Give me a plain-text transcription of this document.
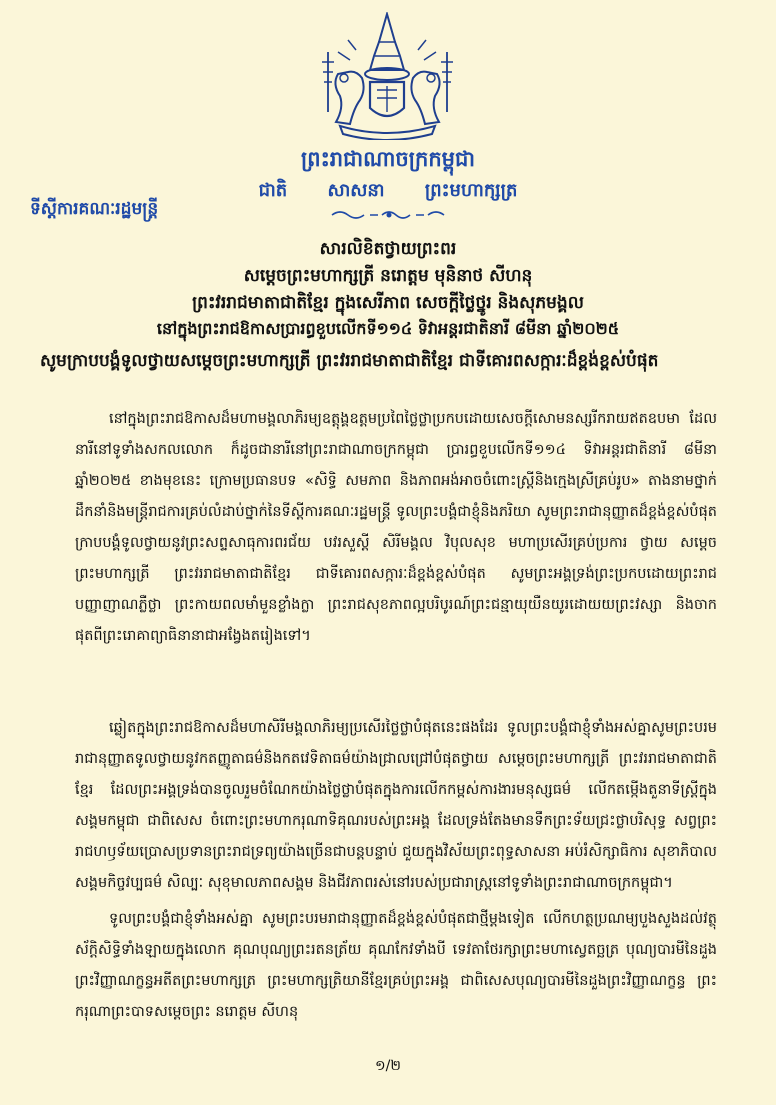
ព្រះរាជាណាចក្រកម្ពុជា
ជាតិ សាសនា ព្រះមហាក្សត្រ
ទីស្តីការគណៈរដ្ឋមន្ត្រី
សារលិខិតថ្វាយព្រះពរ
សម្តេចព្រះមហាក្សត្រី នរោត្តម មុនិនាថ សីហនុ
ព្រះវររាជមាតាជាតិខ្មែរ ក្នុងសេរីភាព សេចក្តីថ្លៃថ្នូរ និងសុភមង្គល
នៅក្នុងព្រះរាជឱកាសប្រារព្ធខួបលើកទី១១៤ ទិវាអន្តរជាតិនារី ៨មីនា ឆ្នាំ២០២៥
សូមក្រាបបង្គំទូលថ្វាយសម្តេចព្រះមហាក្សត្រី ព្រះវររាជមាតាជាតិខ្មែរ ជាទីគោរពសក្ការៈដ៏ខ្ពង់ខ្ពស់បំផុត

នៅក្នុងព្រះរាជឱកាសដ៏មហាមង្គលាភិរម្យឧត្តុង្គឧត្តមប្រពៃថ្លៃថ្លាប្រកបដោយសេចក្តីសោមនស្សរីករាយឥតឧបមា ដែលនារីនៅទូទាំងសកលលោក ក៏ដូចជានារីនៅព្រះរាជាណាចក្រកម្ពុជា ប្រារព្ធខួបលើកទី១១៤ ទិវាអន្តរជាតិនារី ៨មីនា ឆ្នាំ២០២៥ ខាងមុខនេះ ក្រោមប្រធានបទ «សិទ្ធិ សមភាព និងភាពអង់អាចចំពោះស្ត្រីនិងក្មេងស្រីគ្រប់រូប» តាងនាមថ្នាក់ដឹកនាំនិងមន្ត្រីរាជការគ្រប់លំដាប់ថ្នាក់នៃទីស្តីការគណៈរដ្ឋមន្ត្រី ទូលព្រះបង្គំជាខ្ញុំនិងភរិយា សូមព្រះរាជានុញ្ញាតដ៏ខ្ពង់ខ្ពស់បំផុតក្រាបបង្គំទូលថ្វាយនូវព្រះសព្ទសាធុការពរជ័យ បវរសួស្តី សិរីមង្គល វិបុលសុខ មហាប្រសើរគ្រប់ប្រការ ថ្វាយ សម្តេចព្រះមហាក្សត្រី ព្រះវររាជមាតាជាតិខ្មែរ ជាទីគោរពសក្ការៈដ៏ខ្ពង់ខ្ពស់បំផុត សូមព្រះអង្គទ្រង់ព្រះប្រកបដោយព្រះរាជបញ្ញាញាណភ្លឺថ្លា ព្រះកាយពលមាំមួនខ្លាំងក្លា ព្រះរាជសុខភាពល្អបរិបូរណ៍ព្រះជន្មាយុយឺនយូរដោយយព្រះវស្សា និងចាកផុតពីព្រះរោគាព្យាធិនានាជាអង្វែងតរៀងទៅ។

ឆ្លៀតក្នុងព្រះរាជឱកាសដ៏មហាសិរីមង្គលាភិរម្យប្រសើរថ្លៃថ្លាបំផុតនេះផងដែរ ទូលព្រះបង្គំជាខ្ញុំទាំងអស់គ្នាសូមព្រះបរមរាជានុញ្ញាតទូលថ្វាយនូវកតញ្ញូតាធម៌និងកតវេទិតាធម៌យ៉ាងជ្រាលជ្រៅបំផុតថ្វាយ សម្តេចព្រះមហាក្សត្រី ព្រះវររាជមាតាជាតិខ្មែរ ដែលព្រះអង្គទ្រង់បានចូលរួមចំណែកយ៉ាងថ្លៃថ្លាបំផុតក្នុងការលើកកម្ពស់ការងារមនុស្សធម៌ លើកតម្កើងតួនាទីស្ត្រីក្នុងសង្គមកម្ពុជា ជាពិសេស ចំពោះព្រះមហាករុណាទិគុណរបស់ព្រះអង្គ ដែលទ្រង់តែងមានទឹកព្រះទ័យជ្រះថ្លាបរិសុទ្ធ សព្វព្រះរាជហឫទ័យប្រោសប្រទានព្រះរាជទ្រព្យយ៉ាងច្រើនជាបន្តបន្ទាប់ ជួយក្នុងវិស័យព្រះពុទ្ធសាសនា អប់រំសិក្សាធិការ សុខាភិបាល សង្គមកិច្ចវប្បធម៌ សិល្បៈ សុខុមាលភាពសង្គម និងជីវភាពរស់នៅរបស់ប្រជារាស្ត្រនៅទូទាំងព្រះរាជាណាចក្រកម្ពុជា។

ទូលព្រះបង្គំជាខ្ញុំទាំងអស់គ្នា សូមព្រះបរមរាជានុញ្ញាតដ៏ខ្ពង់ខ្ពស់បំផុតជាថ្មីម្តងទៀត លើកហត្ថប្រណម្យបួងសួងដល់វត្ថុស័ក្តិសិទ្ធិទាំងឡាយក្នុងលោក គុណបុណ្យព្រះរតនត្រ័យ គុណកែវទាំងបី ទេវតាថែរក្សាព្រះមហាស្វេតច្ឆត្រ បុណ្យបារមីនៃដួងព្រះវិញ្ញាណក្ខន្ធអតីតព្រះមហាក្សត្រ ព្រះមហាក្សត្រិយានីខ្មែរគ្រប់ព្រះអង្គ ជាពិសេសបុណ្យបារមីនៃដួងព្រះវិញ្ញាណក្ខន្ធ ព្រះករុណាព្រះបាទសម្តេចព្រះ នរោត្តម សីហនុ

១/២
